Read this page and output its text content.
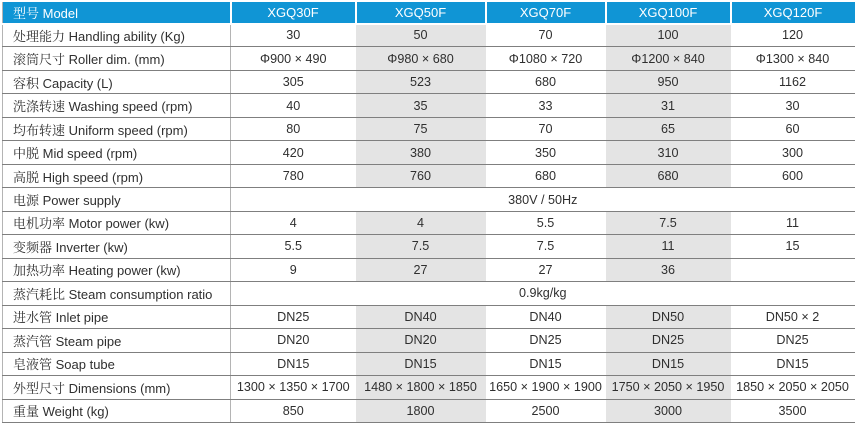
型号 Model	XGQ30F	XGQ50F	XGQ70F	XGQ100F	XGQ120F
处理能力 Handling ability (Kg)	30	50	70	100	120
滚筒尺寸 Roller dim. (mm)	Φ900 × 490	Φ980 × 680	Φ1080 × 720	Φ1200 × 840	Φ1300 × 840
容积 Capacity (L)	305	523	680	950	1162
洗涤转速 Washing speed (rpm)	40	35	33	31	30
均布转速 Uniform speed (rpm)	80	75	70	65	60
中脱 Mid speed (rpm)	420	380	350	310	300
高脱 High speed (rpm)	780	760	680	680	600
电源 Power supply	380V / 50Hz				
电机功率 Motor power (kw)	4	4	5.5	7.5	11
变频器 Inverter (kw)	5.5	7.5	7.5	11	15
加热功率 Heating power (kw)	9	27	27	36	
蒸汽耗比 Steam consumption ratio	0.9kg/kg				
进水管 Inlet pipe	DN25	DN40	DN40	DN50	DN50 × 2
蒸汽管 Steam pipe	DN20	DN20	DN25	DN25	DN25
皂液管 Soap tube	DN15	DN15	DN15	DN15	DN15
外型尺寸 Dimensions (mm)	1300 × 1350 × 1700	1480 × 1800 × 1850	1650 × 1900 × 1900	1750 × 2050 × 1950	1850 × 2050 × 2050
重量 Weight (kg)	850	1800	2500	3000	3500
